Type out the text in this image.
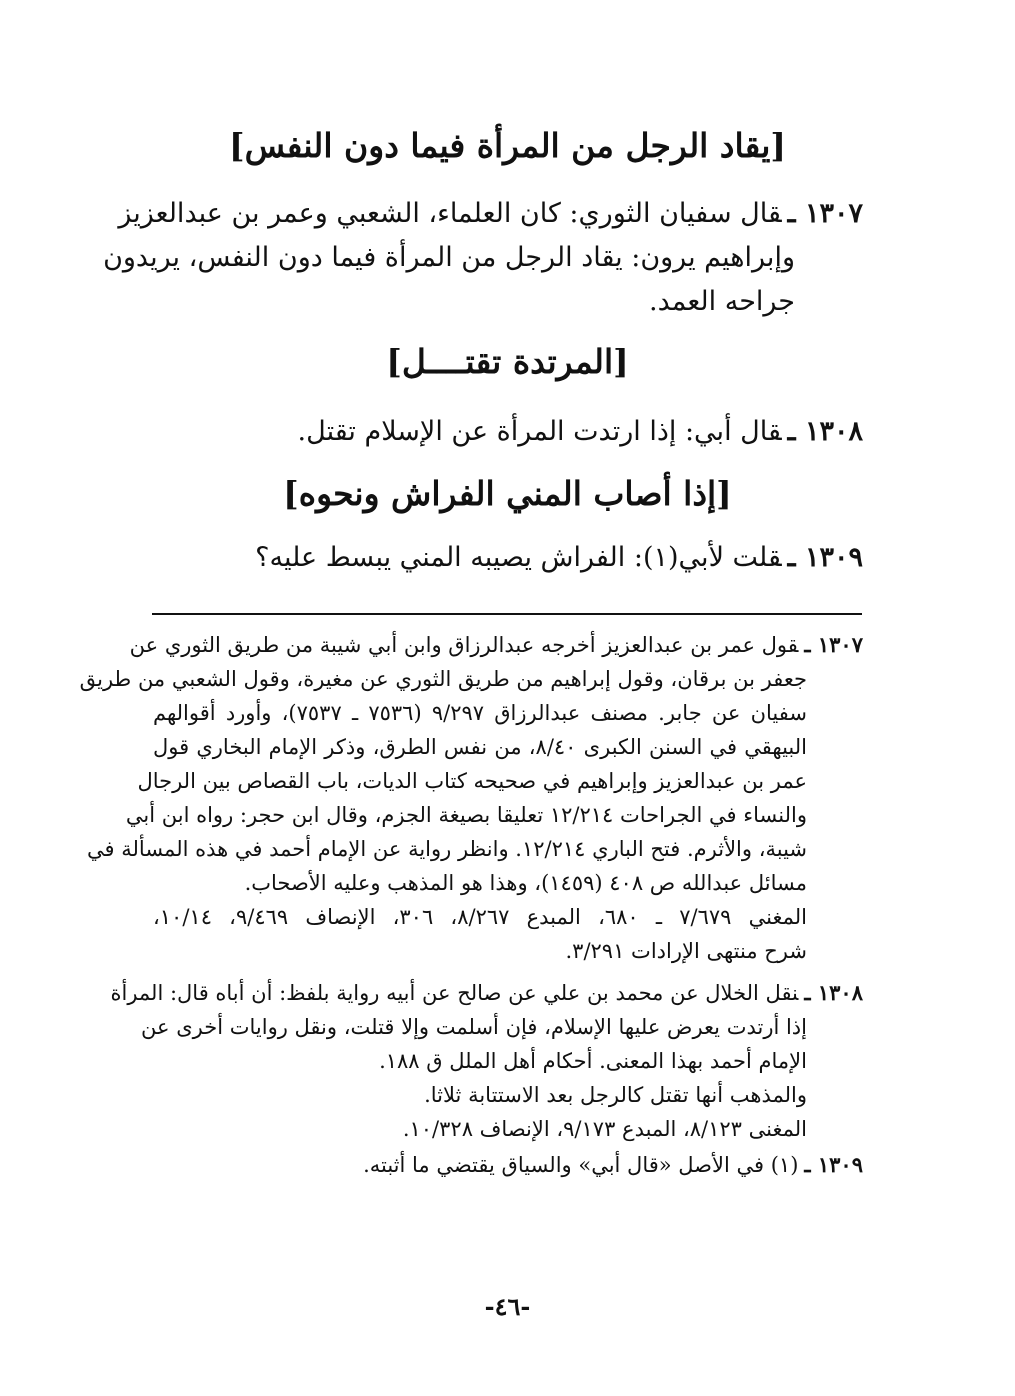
[يقاد الرجل من المرأة فيما دون النفس]
١٣٠٧ ـقال سفيان الثوري: كان العلماء، الشعبي وعمر بن عبدالعزيز
وإبراهيم يرون: يقاد الرجل من المرأة فيما دون النفس، يريدون
جراحه العمد.
[المرتدة تقتــــل]
١٣٠٨ ـقال أبي: إذا ارتدت المرأة عن الإسلام تقتل.
[إذا أصاب المني الفراش ونحوه]
١٣٠٩ ـقلت لأبي(١): الفراش يصيبه المني يبسط عليه؟
١٣٠٧ ـقول عمر بن عبدالعزيز أخرجه عبدالرزاق وابن أبي شيبة من طريق الثوري عن
جعفر بن برقان، وقول إبراهيم من طريق الثوري عن مغيرة، وقول الشعبي من طريق
سفيان عن جابر. مصنف عبدالرزاق ٩/٢٩٧ (٧٥٣٦ ـ ٧٥٣٧)، وأورد أقوالهم
البيهقي في السنن الكبرى ٨/٤٠، من نفس الطرق، وذكر الإمام البخاري قول
عمر بن عبدالعزيز وإبراهيم في صحيحه كتاب الديات، باب القصاص بين الرجال
والنساء في الجراحات ١٢/٢١٤ تعليقا بصيغة الجزم، وقال ابن حجر: رواه ابن أبي
شيبة، والأثرم. فتح الباري ١٢/٢١٤. وانظر رواية عن الإمام أحمد في هذه المسألة في
مسائل عبدالله ص ٤٠٨ (١٤٥٩)، وهذا هو المذهب وعليه الأصحاب.
المغني ٧/٦٧٩ ـ ٦٨٠، المبدع ٨/٢٦٧، ٣٠٦، الإنصاف ٩/٤٦٩، ١٠/١٤،
شرح منتهى الإرادات ٣/٢٩١.
١٣٠٨ ـنقل الخلال عن محمد بن علي عن صالح عن أبيه رواية بلفظ: أن أباه قال: المرأة
إذا أرتدت يعرض عليها الإسلام، فإن أسلمت وإلا قتلت، ونقل روايات أخرى عن
الإمام أحمد بهذا المعنى. أحكام أهل الملل ق ١٨٨.
والمذهب أنها تقتل كالرجل بعد الاستتابة ثلاثا.
المغنى ٨/١٢٣، المبدع ٩/١٧٣، الإنصاف ١٠/٣٢٨.
١٣٠٩ ـ(١) في الأصل «قال أبي» والسياق يقتضي ما أثبته.
-٤٦-
